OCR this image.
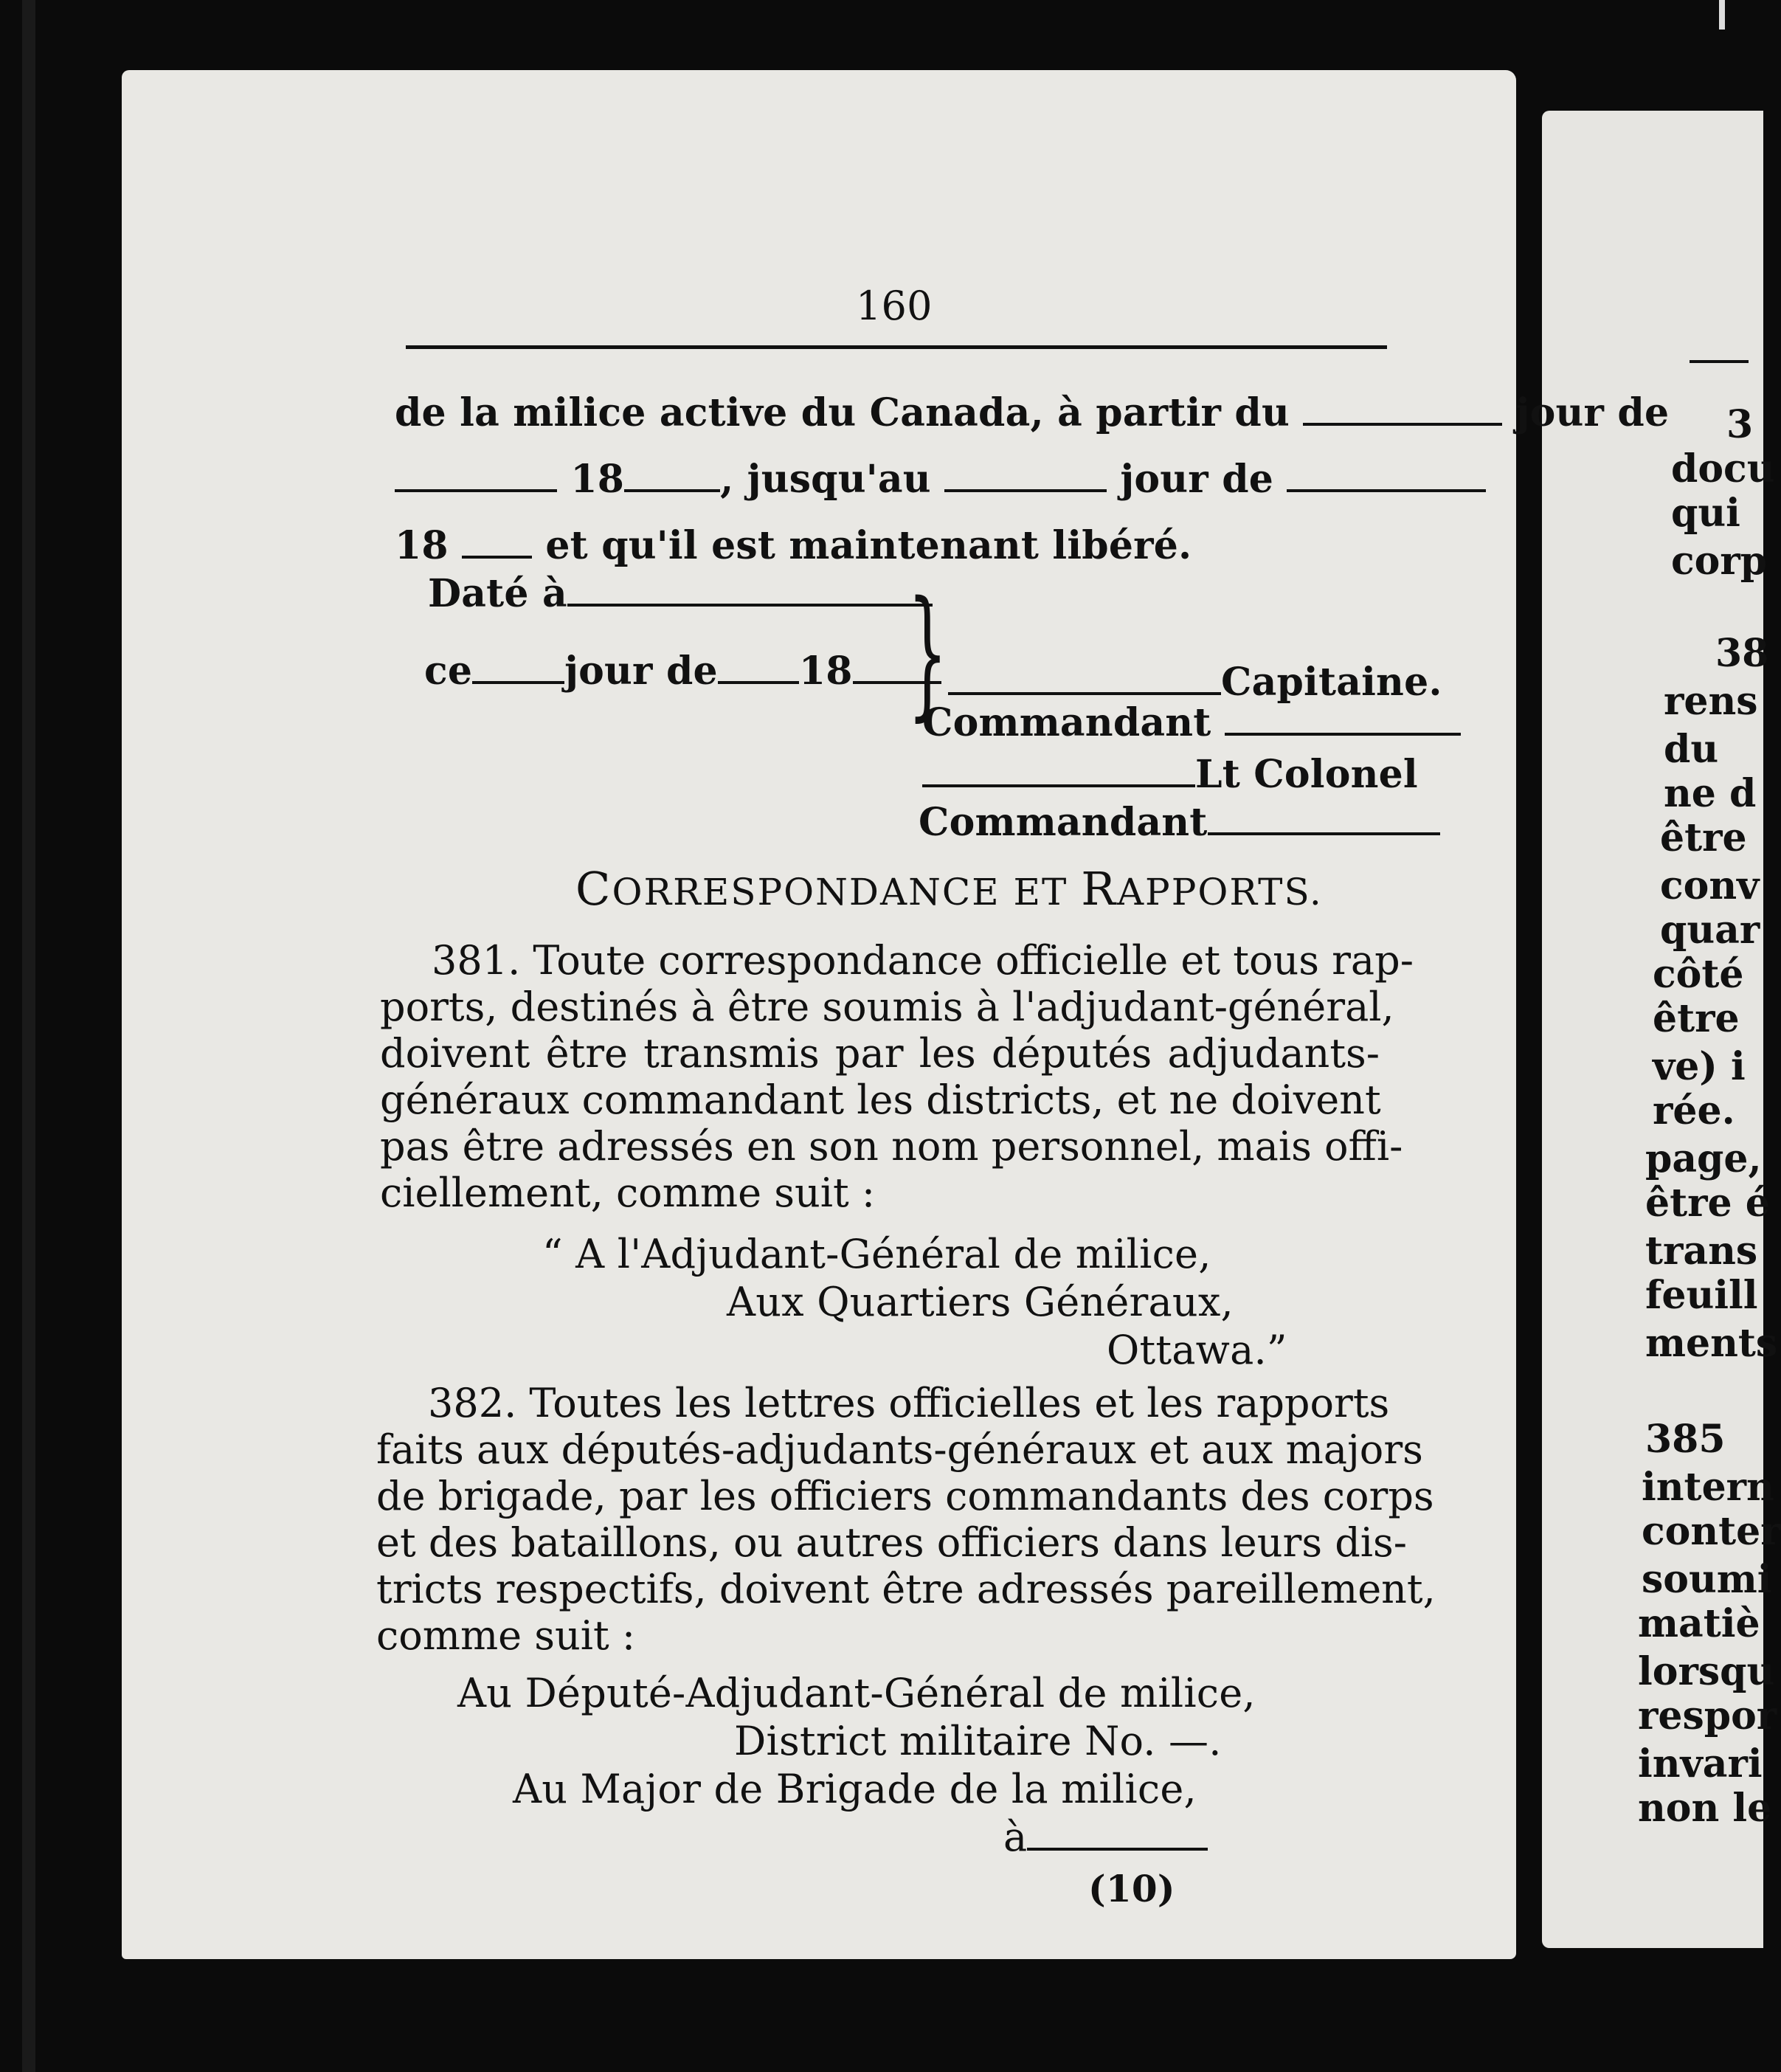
160
de la milice active du Canada, à partir du	jour de
18	, jusqu'au	jour de
18	et qu'il est maintenant libéré.
Daté à	}
ce jour de 18	Capitaine.
Commandant
Lt Colonel
Commandant
CORRESPONDANCE ET RAPPORTS.
381. Toute correspondance officielle et tous rap-
ports, destinés à être soumis à l'adjudant-général,
doivent être transmis par les députés adjudants-
généraux commandant les districts, et ne doivent
pas être adressés en son nom personnel, mais offi-
ciellement, comme suit :
“ A l'Adjudant-Général de milice,
Aux Quartiers Généraux,
Ottawa.”
382. Toutes les lettres officielles et les rapports
faits aux députés-adjudants-généraux et aux majors
de brigade, par les officiers commandants des corps
et des bataillons, ou autres officiers dans leurs dis-
tricts respectifs, doivent être adressés pareillement,
comme suit :
Au Député-Adjudant-Général de milice,
District militaire No. —.
Au Major de Brigade de la milice,
à
(10)
3
docu
qui
corp
38
rens
du
ne d
être
conv
quar
côté
être
ve) i
rée.
page,
être é
trans
feuill
ments
385
intern
conter
soumi
matiè
lorsqu
respor
invari
non le
